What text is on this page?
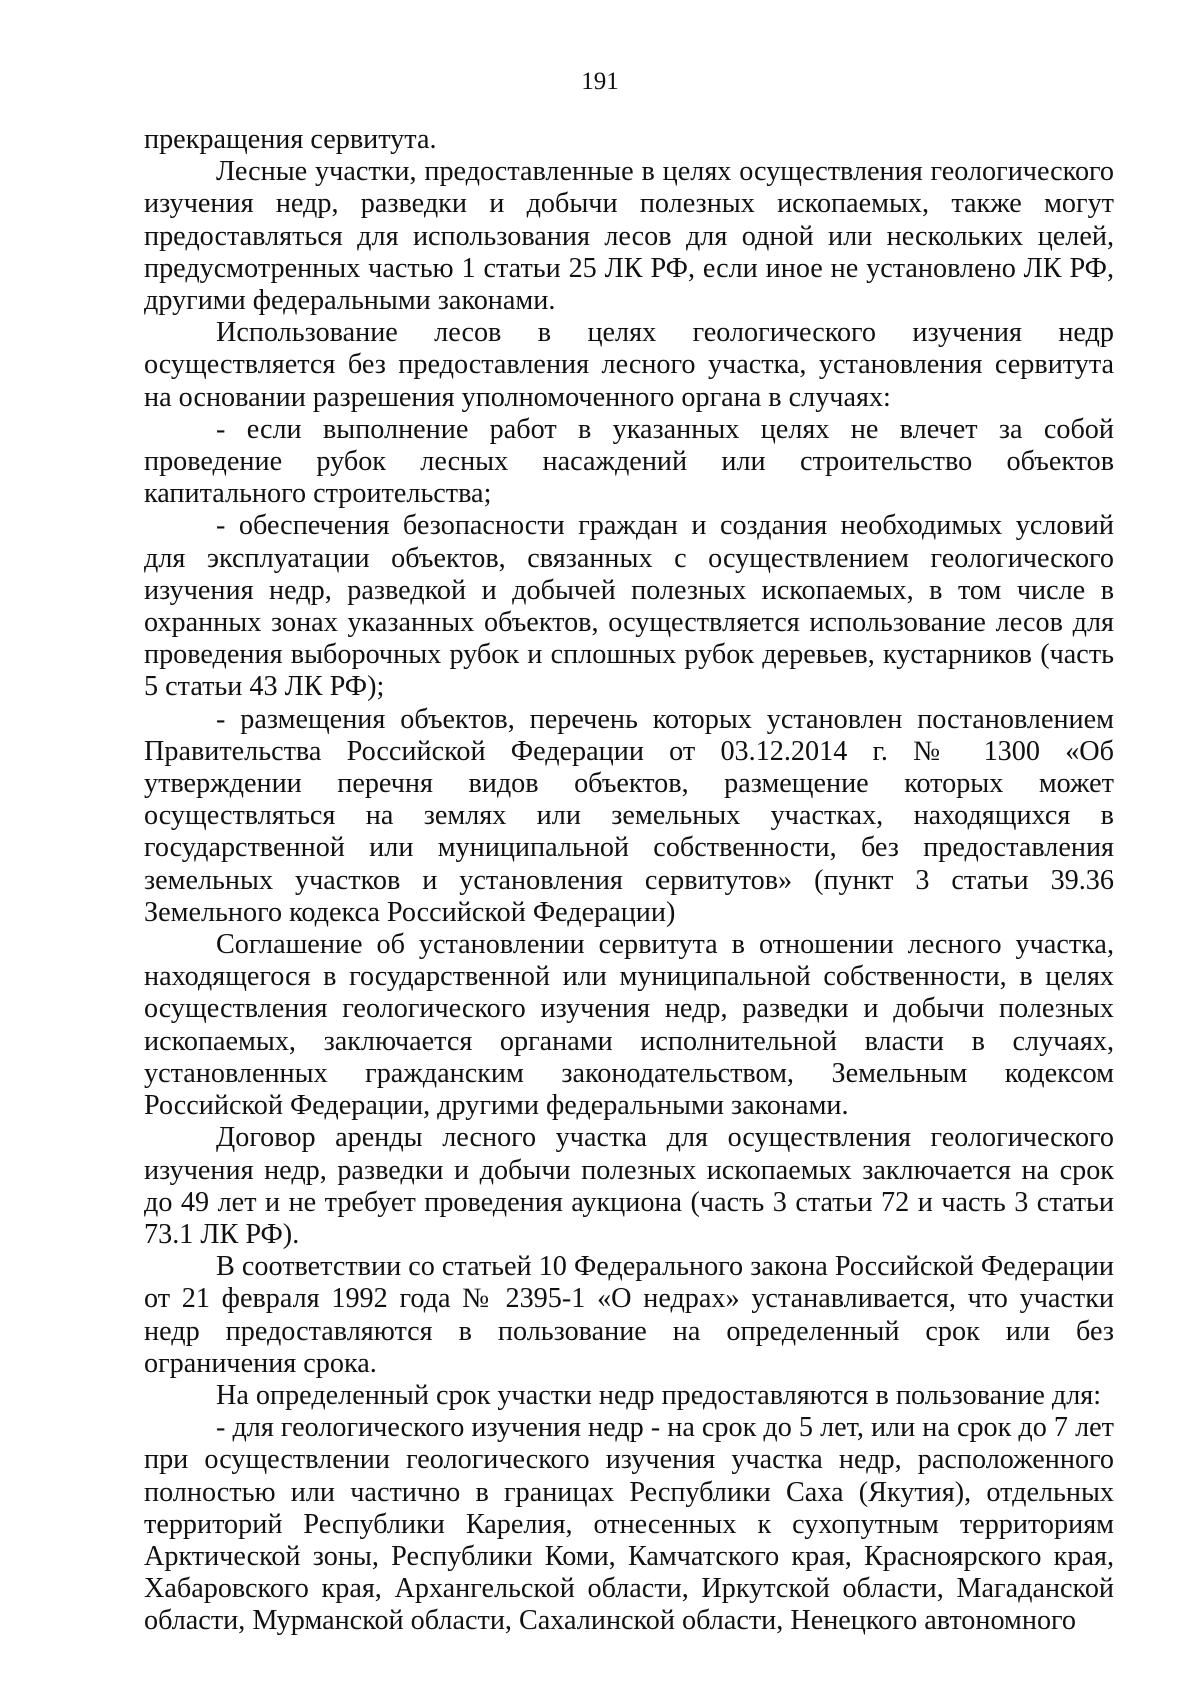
191

прекращения сервитута.

Лесные участки, предоставленные в целях осуществления геологического изучения недр, разведки и добычи полезных ископаемых, также могут предоставляться для использования лесов для одной или нескольких целей, предусмотренных частью 1 статьи 25 ЛК РФ, если иное не установлено ЛК РФ, другими федеральными законами.

Использование лесов в целях геологического изучения недр осуществляется без предоставления лесного участка, установления сервитута на основании разрешения уполномоченного органа в случаях:

- если выполнение работ в указанных целях не влечет за собой проведение рубок лесных насаждений или строительство объектов капитального строительства;

- обеспечения безопасности граждан и создания необходимых условий для эксплуатации объектов, связанных с осуществлением геологического изучения недр, разведкой и добычей полезных ископаемых, в том числе в охранных зонах указанных объектов, осуществляется использование лесов для проведения выборочных рубок и сплошных рубок деревьев, кустарников (часть 5 статьи 43 ЛК РФ);

- размещения объектов, перечень которых установлен постановлением Правительства Российской Федерации от 03.12.2014 г. № 1300 «Об утверждении перечня видов объектов, размещение которых может осуществляться на землях или земельных участках, находящихся в государственной или муниципальной собственности, без предоставления земельных участков и установления сервитутов» (пункт 3 статьи 39.36 Земельного кодекса Российской Федерации)

Соглашение об установлении сервитута в отношении лесного участка, находящегося в государственной или муниципальной собственности, в целях осуществления геологического изучения недр, разведки и добычи полезных ископаемых, заключается органами исполнительной власти в случаях, установленных гражданским законодательством, Земельным кодексом Российской Федерации, другими федеральными законами.

Договор аренды лесного участка для осуществления геологического изучения недр, разведки и добычи полезных ископаемых заключается на срок до 49 лет и не требует проведения аукциона (часть 3 статьи 72 и часть 3 статьи 73.1 ЛК РФ).

В соответствии со статьей 10 Федерального закона Российской Федерации от 21 февраля 1992 года № 2395-1 «О недрах» устанавливается, что участки недр предоставляются в пользование на определенный срок или без ограничения срока.

На определенный срок участки недр предоставляются в пользование для:

- для геологического изучения недр - на срок до 5 лет, или на срок до 7 лет при осуществлении геологического изучения участка недр, расположенного полностью или частично в границах Республики Саха (Якутия), отдельных территорий Республики Карелия, отнесенных к сухопутным территориям Арктической зоны, Республики Коми, Камчатского края, Красноярского края, Хабаровского края, Архангельской области, Иркутской области, Магаданской области, Мурманской области, Сахалинской области, Ненецкого автономного
